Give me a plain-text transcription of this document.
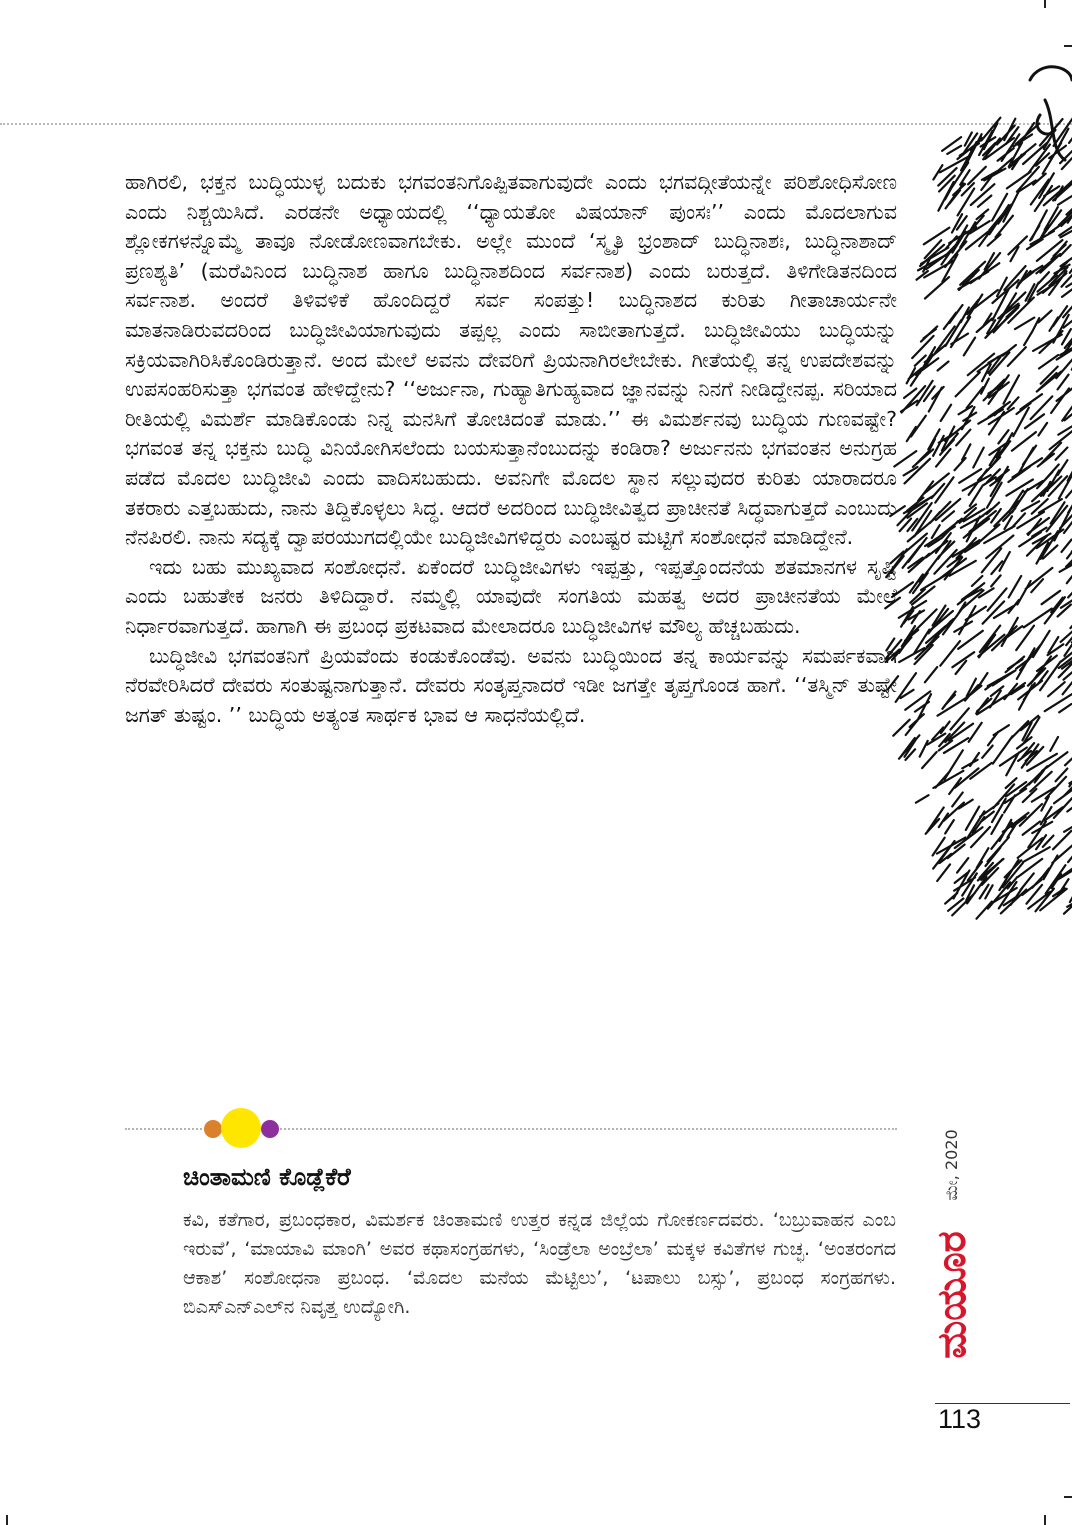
ಹಾಗಿರಲಿ, ಭಕ್ತನ ಬುದ್ಧಿಯುಳ್ಳ ಬದುಕು ಭಗವಂತನಿಗೊಪ್ಪಿತವಾಗುವುದೇ ಎಂದು ಭಗವದ್ಗೀತೆಯನ್ನೇ ಪರಿಶೋಧಿಸೋಣ ಎಂದು ನಿಶ್ಚಯಿಸಿದೆ. ಎರಡನೇ ಅಧ್ಯಾಯದಲ್ಲಿ ‘‘ಧ್ಯಾಯತೋ ವಿಷಯಾನ್ ಪುಂಸಃ’’ ಎಂದು ಮೊದಲಾಗುವ ಶ್ಲೋಕಗಳನ್ನೊಮ್ಮೆ ತಾವೂ ನೋಡೋಣವಾಗಬೇಕು. ಅಲ್ಲೇ ಮುಂದೆ ‘ಸ್ಮೃತಿ ಭ್ರಂಶಾದ್ ಬುದ್ಧಿನಾಶಃ, ಬುದ್ಧಿನಾಶಾದ್ ಪ್ರಣಶ್ಯತಿ’ (ಮರೆವಿನಿಂದ ಬುದ್ಧಿನಾಶ ಹಾಗೂ ಬುದ್ಧಿನಾಶದಿಂದ ಸರ್ವನಾಶ) ಎಂದು ಬರುತ್ತದೆ. ತಿಳಿಗೇಡಿತನದಿಂದ ಸರ್ವನಾಶ. ಅಂದರೆ ತಿಳಿವಳಿಕೆ ಹೊಂದಿದ್ದರೆ ಸರ್ವ ಸಂಪತ್ತು! ಬುದ್ಧಿನಾಶದ ಕುರಿತು ಗೀತಾಚಾರ್ಯನೇ ಮಾತನಾಡಿರುವದರಿಂದ ಬುದ್ಧಿಜೀವಿಯಾಗುವುದು ತಪ್ಪಲ್ಲ ಎಂದು ಸಾಬೀತಾಗುತ್ತದೆ. ಬುದ್ಧಿಜೀವಿಯು ಬುದ್ಧಿಯನ್ನು ಸಕ್ರಿಯವಾಗಿರಿಸಿಕೊಂಡಿರುತ್ತಾನೆ. ಅಂದ ಮೇಲೆ ಅವನು ದೇವರಿಗೆ ಪ್ರಿಯನಾಗಿರಲೇಬೇಕು. ಗೀತೆಯಲ್ಲಿ ತನ್ನ ಉಪದೇಶವನ್ನು ಉಪಸಂಹರಿಸುತ್ತಾ ಭಗವಂತ ಹೇಳಿದ್ದೇನು? ‘‘ಅರ್ಜುನಾ, ಗುಹ್ಯಾತಿಗುಹ್ಯವಾದ ಜ್ಞಾನವನ್ನು ನಿನಗೆ ನೀಡಿದ್ದೇನಪ್ಪ. ಸರಿಯಾದ ರೀತಿಯಲ್ಲಿ ವಿಮರ್ಶೆ ಮಾಡಿಕೊಂಡು ನಿನ್ನ ಮನಸಿಗೆ ತೋಚಿದಂತೆ ಮಾಡು.’’ ಈ ವಿಮರ್ಶನವು ಬುದ್ಧಿಯ ಗುಣವಷ್ಟೇ? ಭಗವಂತ ತನ್ನ ಭಕ್ತನು ಬುದ್ಧಿ ವಿನಿಯೋಗಿಸಲೆಂದು ಬಯಸುತ್ತಾನೆಂಬುದನ್ನು ಕಂಡಿರಾ? ಅರ್ಜುನನು ಭಗವಂತನ ಅನುಗ್ರಹ ಪಡೆದ ಮೊದಲ ಬುದ್ಧಿಜೀವಿ ಎಂದು ವಾದಿಸಬಹುದು. ಅವನಿಗೇ ಮೊದಲ ಸ್ಥಾನ ಸಲ್ಲುವುದರ ಕುರಿತು ಯಾರಾದರೂ ತಕರಾರು ಎತ್ತಬಹುದು, ನಾನು ತಿದ್ದಿಕೊಳ್ಳಲು ಸಿದ್ಧ. ಆದರೆ ಅದರಿಂದ ಬುದ್ಧಿಜೀವಿತ್ವದ ಪ್ರಾಚೀನತೆ ಸಿದ್ಧವಾಗುತ್ತದೆ ಎಂಬುದು ನೆನಪಿರಲಿ. ನಾನು ಸದ್ಯಕ್ಕೆ ದ್ವಾಪರಯುಗದಲ್ಲಿಯೇ ಬುದ್ಧಿಜೀವಿಗಳಿದ್ದರು ಎಂಬಷ್ಟರ ಮಟ್ಟಿಗೆ ಸಂಶೋಧನೆ ಮಾಡಿದ್ದೇನೆ.

ಇದು ಬಹು ಮುಖ್ಯವಾದ ಸಂಶೋಧನೆ. ಏಕೆಂದರೆ ಬುದ್ಧಿಜೀವಿಗಳು ಇಪ್ಪತ್ತು, ಇಪ್ಪತ್ತೊಂದನೆಯ ಶತಮಾನಗಳ ಸೃಷ್ಟಿ ಎಂದು ಬಹುತೇಕ ಜನರು ತಿಳಿದಿದ್ದಾರೆ. ನಮ್ಮಲ್ಲಿ ಯಾವುದೇ ಸಂಗತಿಯ ಮಹತ್ವ ಅದರ ಪ್ರಾಚೀನತೆಯ ಮೇಲೆ ನಿರ್ಧಾರವಾಗುತ್ತದೆ. ಹಾಗಾಗಿ ಈ ಪ್ರಬಂಧ ಪ್ರಕಟವಾದ ಮೇಲಾದರೂ ಬುದ್ಧಿಜೀವಿಗಳ ಮೌಲ್ಯ ಹೆಚ್ಚಬಹುದು.

ಬುದ್ಧಿಜೀವಿ ಭಗವಂತನಿಗೆ ಪ್ರಿಯವೆಂದು ಕಂಡುಕೊಂಡೆವು. ಅವನು ಬುದ್ಧಿಯಿಂದ ತನ್ನ ಕಾರ್ಯವನ್ನು ಸಮರ್ಪಕವಾಗಿ ನೆರವೇರಿಸಿದರೆ ದೇವರು ಸಂತುಷ್ಟನಾಗುತ್ತಾನೆ. ದೇವರು ಸಂತೃಪ್ತನಾದರೆ ಇಡೀ ಜಗತ್ತೇ ತೃಪ್ತಗೊಂಡ ಹಾಗೆ. ‘‘ತಸ್ಮಿನ್ ತುಷ್ಟೇ ಜಗತ್ ತುಷ್ಟಂ. ’’ ಬುದ್ಧಿಯ ಅತ್ಯಂತ ಸಾರ್ಥಕ ಭಾವ ಆ ಸಾಧನೆಯಲ್ಲಿದೆ.

ಚಿಂತಾಮಣಿ ಕೊಡ್ಲೆಕೆರೆ
ಕವಿ, ಕತೆಗಾರ, ಪ್ರಬಂಧಕಾರ, ವಿಮರ್ಶಕ ಚಿಂತಾಮಣಿ ಉತ್ತರ ಕನ್ನಡ ಜಿಲ್ಲೆಯ ಗೋಕರ್ಣದವರು. ‘ಬಬ್ರುವಾಹನ ಎಂಬ ಇರುವೆ’, ‘ಮಾಯಾವಿ ಮಾಂಗಿ’ ಅವರ ಕಥಾಸಂಗ್ರಹಗಳು, ‘ಸಿಂಡ್ರೆಲಾ ಅಂಬ್ರೆಲಾ’ ಮಕ್ಕಳ ಕವಿತೆಗಳ ಗುಚ್ಛ. ‘ಅಂತರಂಗದ ಆಕಾಶ’ ಸಂಶೋಧನಾ ಪ್ರಬಂಧ. ‘ಮೊದಲ ಮನೆಯ ಮೆಟ್ಟಿಲು’, ‘ಟಪಾಲು ಬಸ್ಸು’, ಪ್ರಬಂಧ ಸಂಗ್ರಹಗಳು. ಬಿಎಸ್ಎನ್ಎಲ್‌ನ ನಿವೃತ್ತ ಉದ್ಯೋಗಿ.
ಮೇ, 2020
ಮಯೂರ
113
